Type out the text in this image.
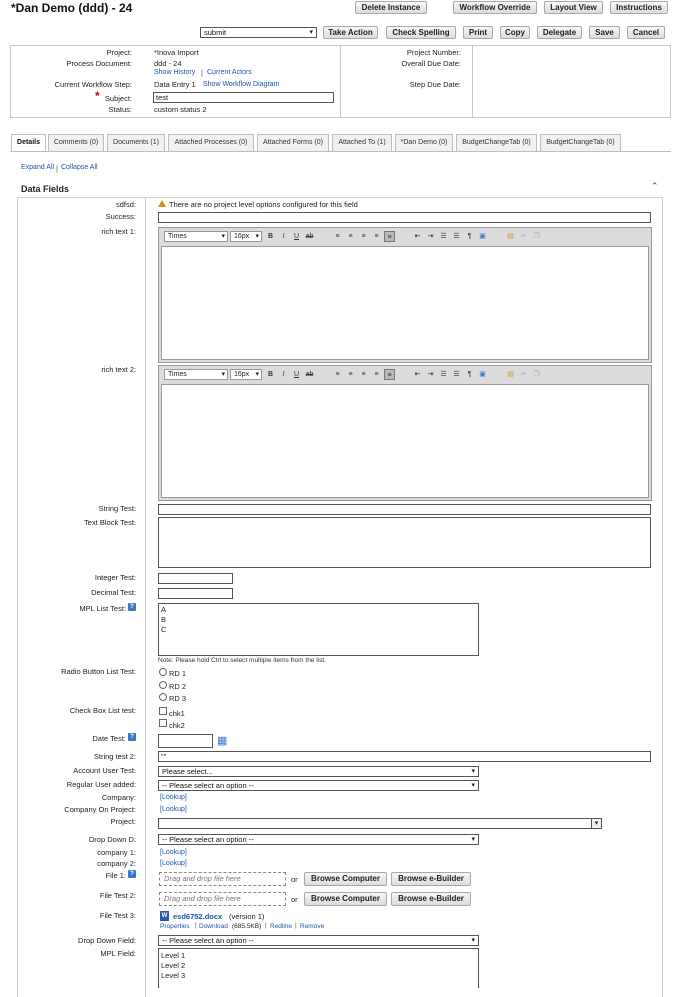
*Dan Demo (ddd) - 24	Delete Instance	Workflow Override	Layout View	Instructions
submit	▾	Take Action	Check Spelling	Print	Copy	Delegate	Save	Cancel
Project:	*Inova Import
Process Document:	ddd - 24
Show History | Current Actors
Current Workflow Step:	Data Entry 1 Show Workflow Diagram
* Subject:	test
Status:	custom status 2
Project Number:
Overall Due Date:
Step Due Date:
Details	Comments (0)	Documents (1)	Attached Processes (0)	Attached Forms (0)	Attached To (1)	*Dan Demo (0)	BudgetChangeTab (0)	BudgetChangeTab (0)
Expand All | Collapse All
Data Fields	⌃
sdfsd:	There are no project level options configured for this field
Success:
rich text 1:
Times	▾	16px ▾	B	I	U ab	≡	≡	≡	≡	≡	⇤	⇥ ☰ ☰	¶	▣	▤ ✂ ❐
rich text 2:
Times	▾	16px ▾	B	I	U ab	≡	≡	≡	≡	≡	⇤	⇥ ☰ ☰	¶	▣	▤ ✂ ❐
String Test:
Text Block Test:
Integer Test:
Decimal Test:
MPL List Test: ?	A
B
C
Note: Please hold Ctrl to select multiple items from the list.
Radio Button List Test:	RD 1
RD 2
RD 3
Check Box List test:	chk1
chk2
Date Test: ?	▦
String test 2:	""
Account User Test:	Please select...	▾
Regular User added:	-- Please select an option --	▾
Company:	[Lookup]
Company On Project:	[Lookup]
Project:	▾
Drop Down D:	-- Please select an option --	▾
company 1:	[Lookup]
company 2:	[Lookup]
File 1: ?	Drag and drop file here	or	Browse Computer	Browse e-Builder
File Test 2:	Drag and drop file here	or	Browse Computer	Browse e-Builder
File Test 3:	W esd6752.docx (version 1)
Properties | Download (685.5KB) | Redline | Remove
Drop Down Field:	-- Please select an option --	▾
MPL Field:	Level 1
Level 2
Level 3
